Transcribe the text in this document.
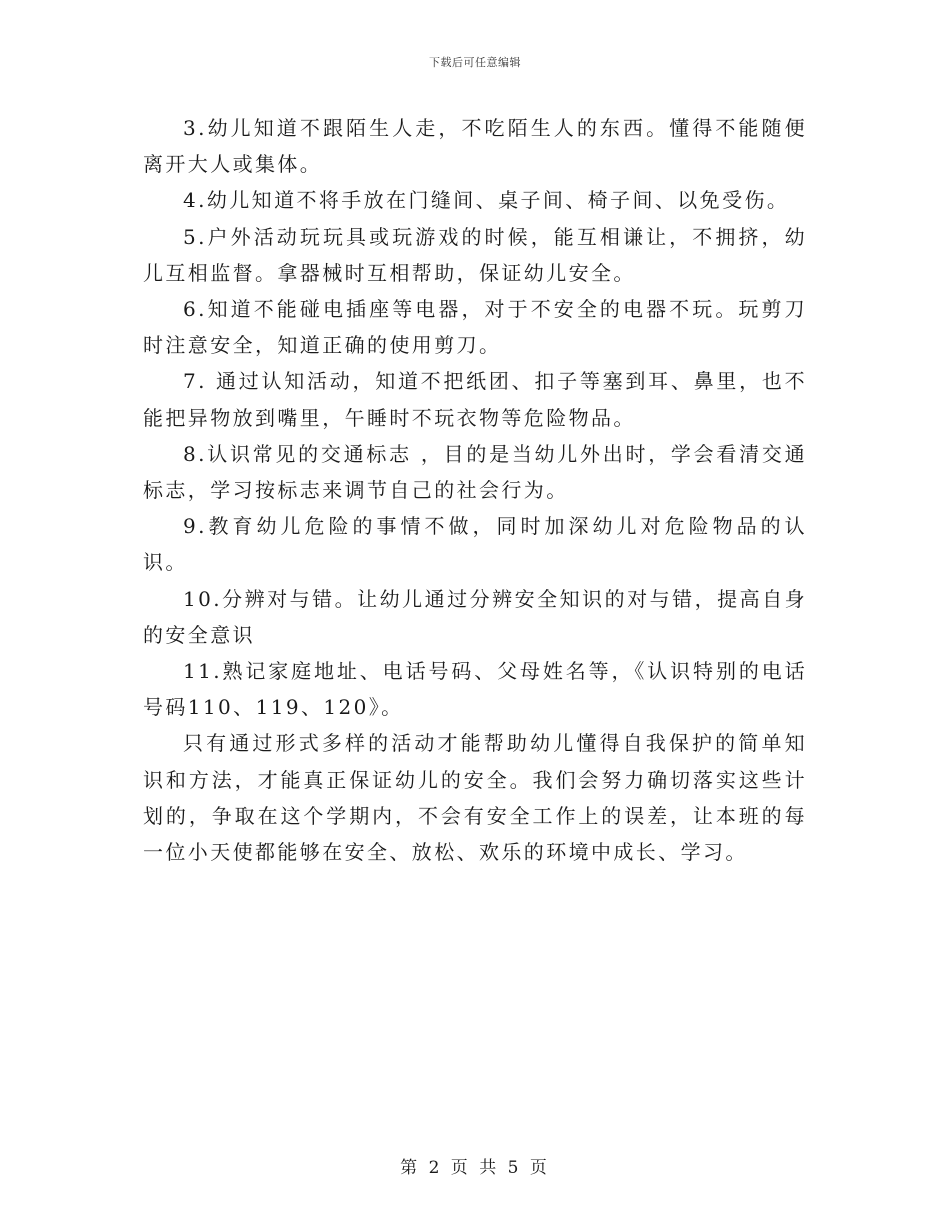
下载后可任意编辑

3.幼儿知道不跟陌生人走，不吃陌生人的东西。懂得不能随便离开大人或集体。

4.幼儿知道不将手放在门缝间、桌子间、椅子间、以免受伤。

5.户外活动玩玩具或玩游戏的时候，能互相谦让，不拥挤，幼儿互相监督。拿器械时互相帮助，保证幼儿安全。

6.知道不能碰电插座等电器，对于不安全的电器不玩。玩剪刀时注意安全，知道正确的使用剪刀。

7. 通过认知活动，知道不把纸团、扣子等塞到耳、鼻里，也不能把异物放到嘴里，午睡时不玩衣物等危险物品。

8.认识常见的交通标志 ，目的是当幼儿外出时，学会看清交通标志，学习按标志来调节自己的社会行为。

9.教育幼儿危险的事情不做，同时加深幼儿对危险物品的认识。

10.分辨对与错。让幼儿通过分辨安全知识的对与错，提高自身的安全意识

11.熟记家庭地址、电话号码、父母姓名等，《认识特别的电话号码110、119、120》。

只有通过形式多样的活动才能帮助幼儿懂得自我保护的简单知识和方法，才能真正保证幼儿的安全。我们会努力确切落实这些计划的，争取在这个学期内，不会有安全工作上的误差，让本班的每一位小天使都能够在安全、放松、欢乐的环境中成长、学习。

第 2 页 共 5 页
